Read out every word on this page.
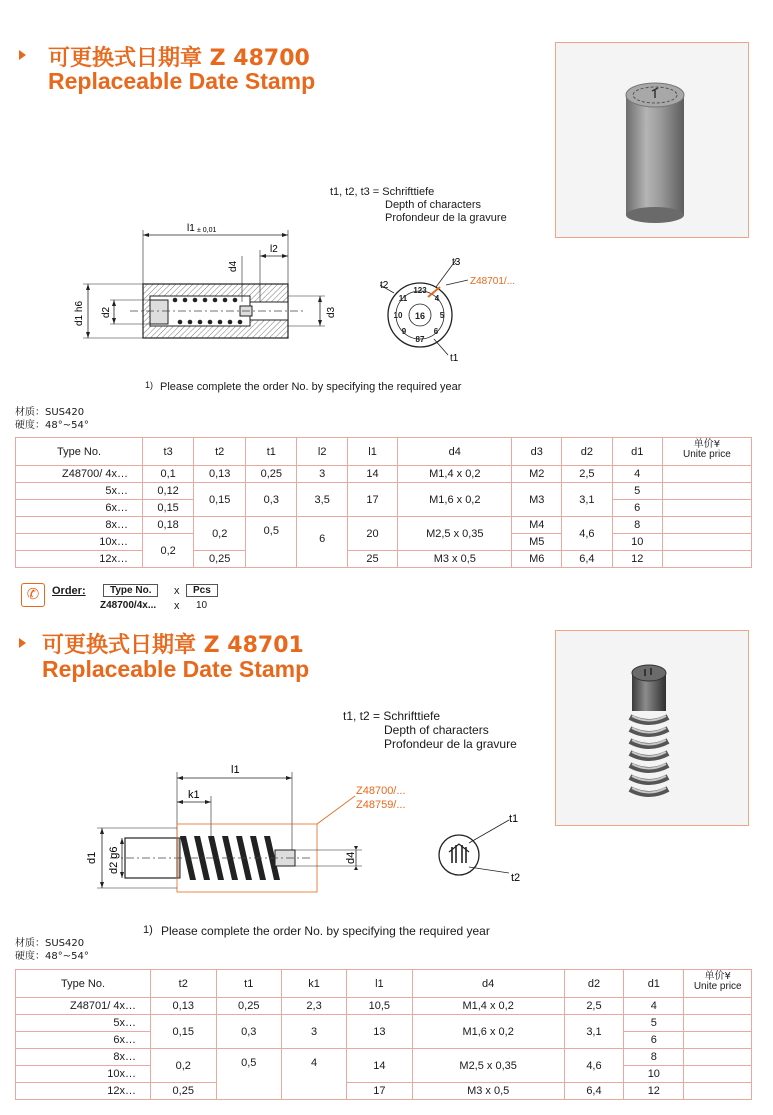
可更换式日期章 Z 48700
Replaceable Date Stamp
t1, t2, t3 = Schrifttiefe
Depth of characters
Profondeur de la gravure
l1 ± 0,01
l2
d4
d1 h6 d2	d3
123
4
5
6
87
9
10
11
16
t2
t3
Z48701/...
t1
1) Please complete the order No. by specifying the required year
材质：SUS420
硬度：48°~54°
Type No.	t3	t2	t1	l2	l1	d4	d3	d2	d1	单价¥
Unite price

Z48700/ 4x…	0,1	0,13	0,25	3	14	M1,4 x 0,2	M2	2,5	4	
5x…	0,12	0,15	0,3	3,5	17	M1,6 x 0,2	M3	3,1	5	
6x…	0,15								6	
8x…	0,18	0,2	0,5	6	20	M2,5 x 0,35	M4	4,6	8	
10x…	0,2						M5		10	
12x…		0,25			25	M3 x 0,5	M6	6,4	12	
✆	Order:	Type No.	x	Pcs
Z48700/4x... x 10
可更换式日期章 Z 48701
Replaceable Date Stamp
t1, t2 = Schrifttiefe
Depth of characters
Profondeur de la gravure
l1
k1
d1 d2 g6	d4
Z48700/...
Z48759/...
t1
t2
1) Please complete the order No. by specifying the required year
材质：SUS420
硬度：48°~54°
Type No.	t2	t1	k1	l1	d4	d2	d1	单价¥
Unite price

Z48701/ 4x…	0,13	0,25	2,3	10,5	M1,4 x 0,2	2,5	4	
5x…	0,15	0,3	3	13	M1,6 x 0,2	3,1	5	
6x…							6	
8x…	0,2	0,5	4	14	M2,5 x 0,35	4,6	8	
10x…							10	
12x…	0,25			17	M3 x 0,5	6,4	12	
